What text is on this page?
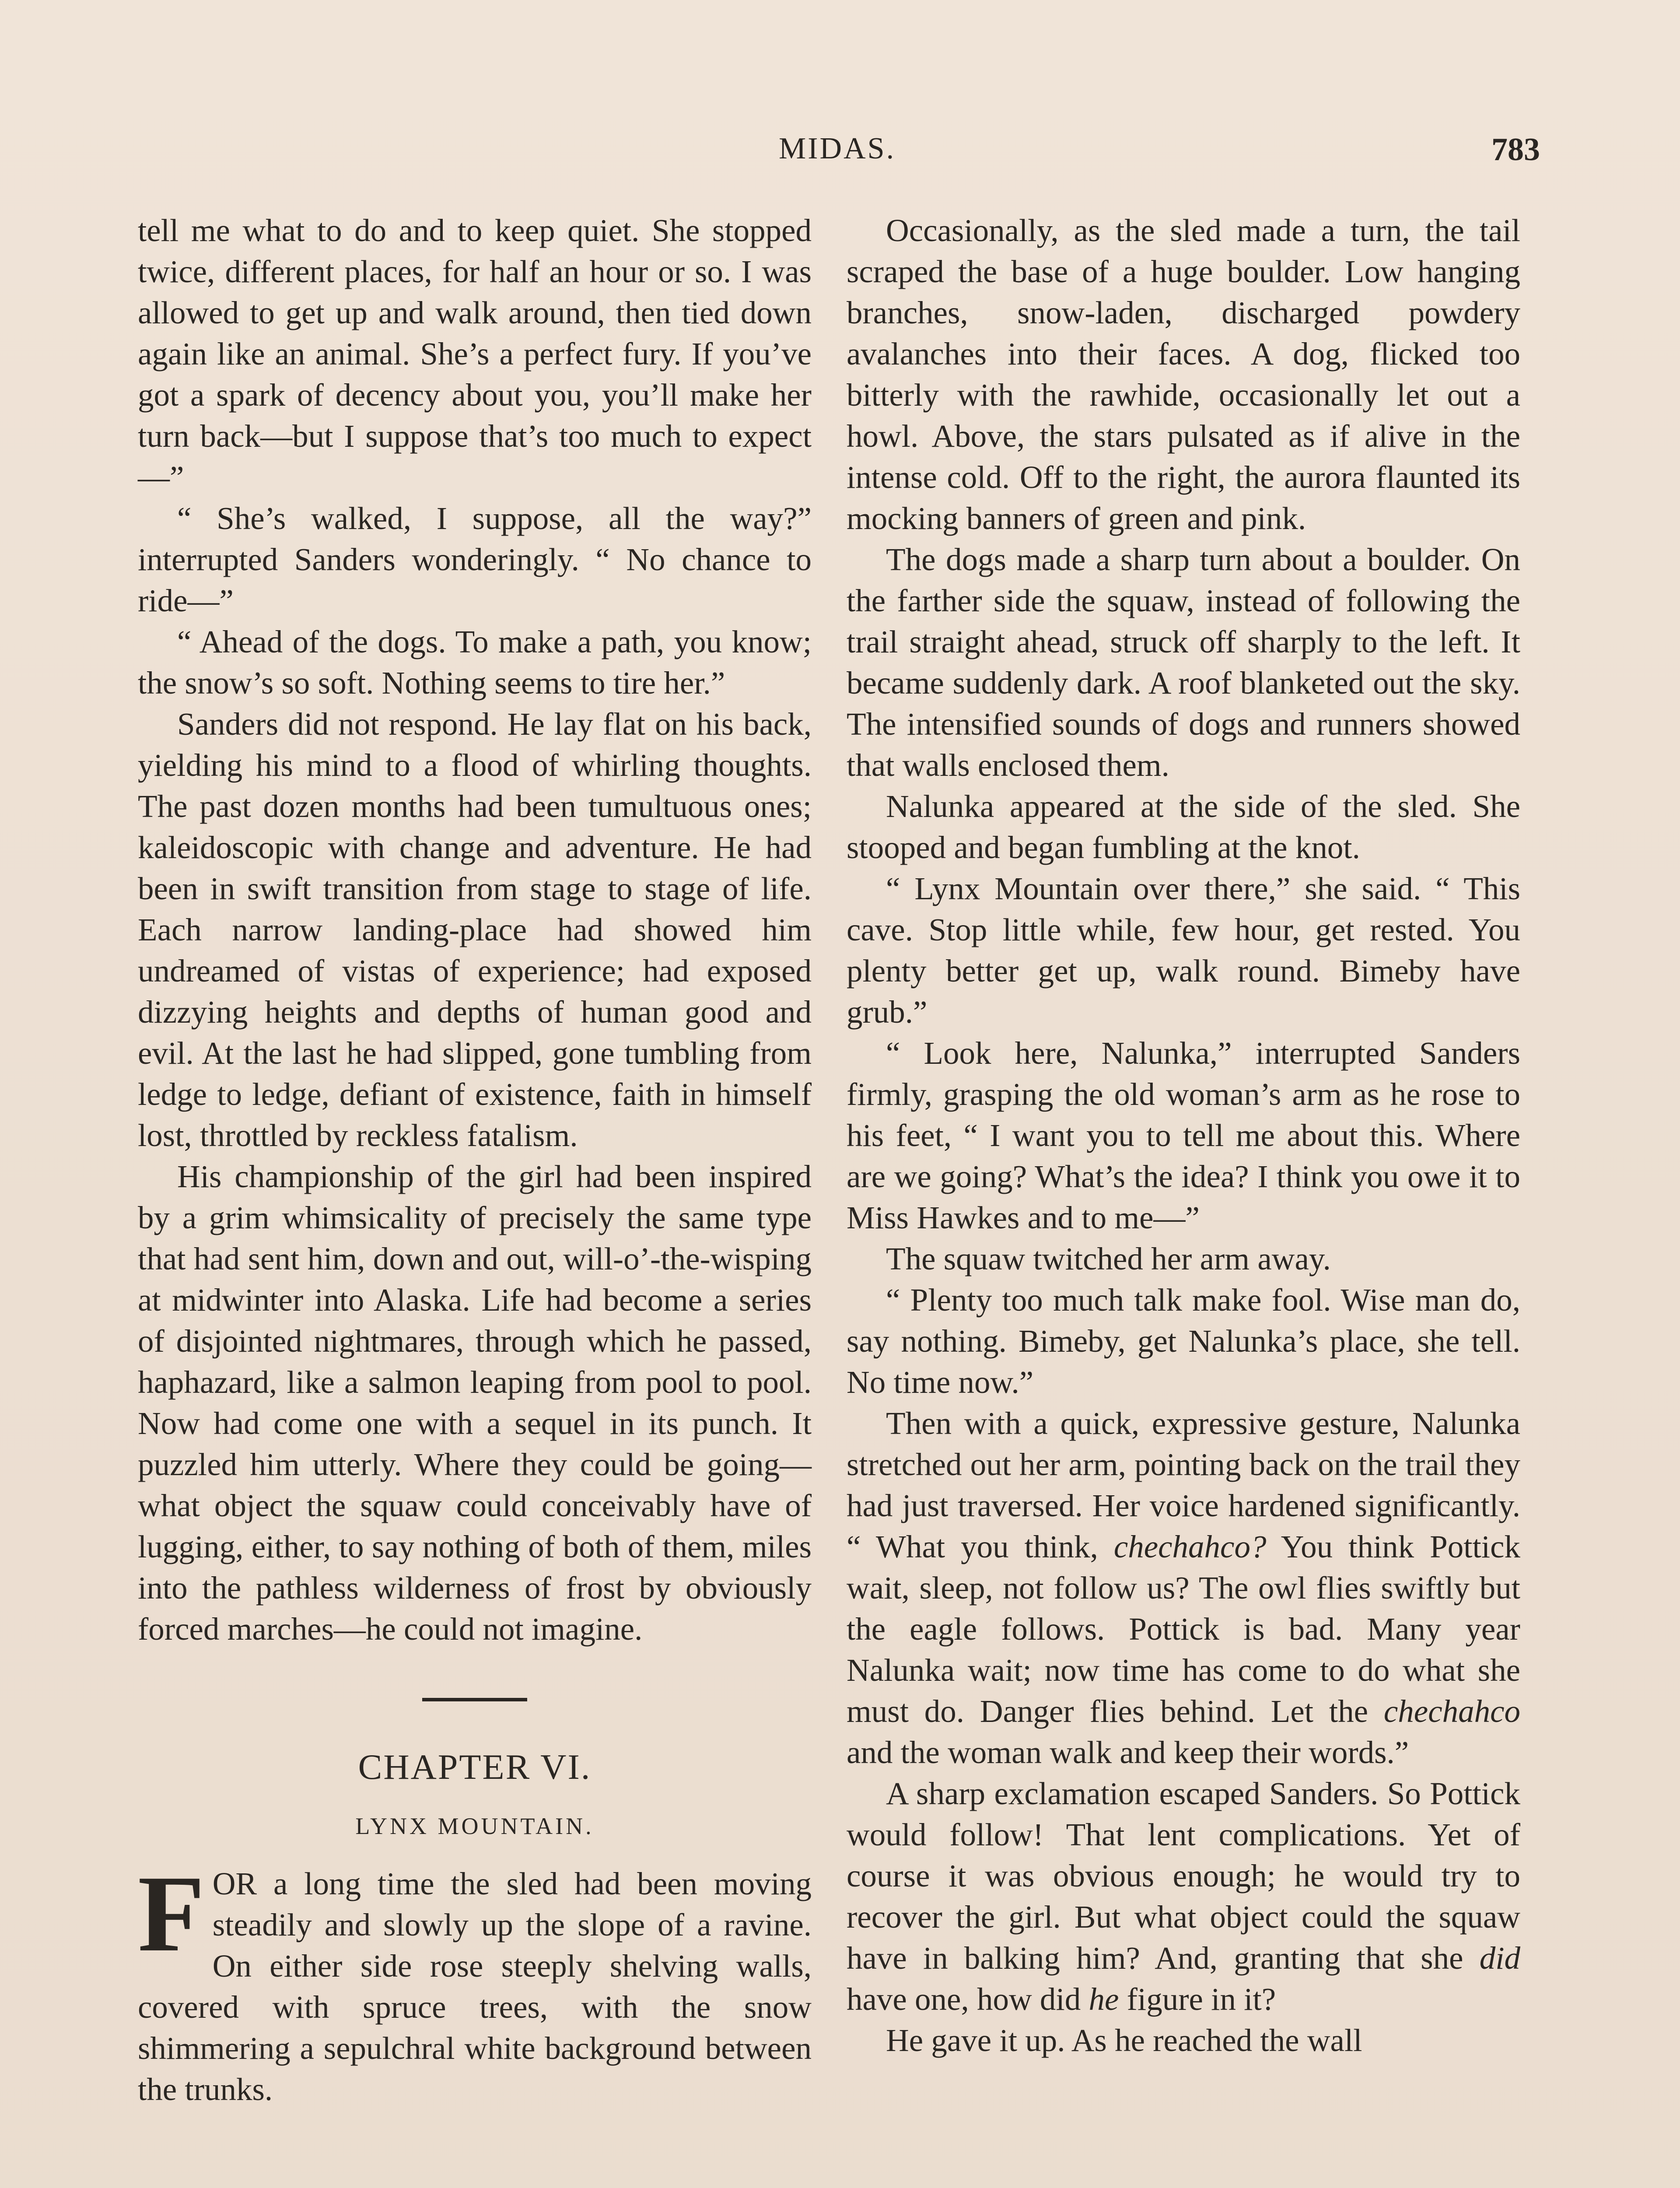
MIDAS.	783

tell me what to do and to keep quiet. She stopped twice, different places, for half an hour or so. I was allowed to get up and walk around, then tied down again like an animal. She’s a perfect fury. If you’ve got a spark of decency about you, you’ll make her turn back—but I suppose that’s too much to expect—”

“ She’s walked, I suppose, all the way?” interrupted Sanders wonderingly. “ No chance to ride—”

“ Ahead of the dogs. To make a path, you know; the snow’s so soft. Nothing seems to tire her.”

Sanders did not respond. He lay flat on his back, yielding his mind to a flood of whirling thoughts. The past dozen months had been tumultuous ones; kaleidoscopic with change and adventure. He had been in swift transition from stage to stage of life. Each narrow landing-place had showed him undreamed of vistas of experience; had exposed dizzying heights and depths of human good and evil. At the last he had slipped, gone tumbling from ledge to ledge, defiant of existence, faith in himself lost, throttled by reckless fatalism.

His championship of the girl had been inspired by a grim whimsicality of precisely the same type that had sent him, down and out, will-o’-the-wisping at midwinter into Alaska. Life had become a series of disjointed nightmares, through which he passed, haphazard, like a salmon leaping from pool to pool. Now had come one with a sequel in its punch. It puzzled him utterly. Where they could be going—what object the squaw could conceivably have of lugging, either, to say nothing of both of them, miles into the pathless wilderness of frost by obviously forced marches—he could not imagine.

CHAPTER VI.
LYNX MOUNTAIN.

FOR a long time the sled had been moving steadily and slowly up the slope of a ravine. On either side rose steeply shelving walls, covered with spruce trees, with the snow shimmering a sepulchral white background between the trunks.

Occasionally, as the sled made a turn, the tail scraped the base of a huge boulder. Low hanging branches, snow-laden, discharged powdery avalanches into their faces. A dog, flicked too bitterly with the rawhide, occasionally let out a howl. Above, the stars pulsated as if alive in the intense cold. Off to the right, the aurora flaunted its mocking banners of green and pink.

The dogs made a sharp turn about a boulder. On the farther side the squaw, instead of following the trail straight ahead, struck off sharply to the left. It became suddenly dark. A roof blanketed out the sky. The intensified sounds of dogs and runners showed that walls enclosed them.

Nalunka appeared at the side of the sled. She stooped and began fumbling at the knot.

“ Lynx Mountain over there,” she said. “ This cave. Stop little while, few hour, get rested. You plenty better get up, walk round. Bimeby have grub.”

“ Look here, Nalunka,” interrupted Sanders firmly, grasping the old woman’s arm as he rose to his feet, “ I want you to tell me about this. Where are we going? What’s the idea? I think you owe it to Miss Hawkes and to me—”

The squaw twitched her arm away.

“ Plenty too much talk make fool. Wise man do, say nothing. Bimeby, get Nalunka’s place, she tell. No time now.”

Then with a quick, expressive gesture, Nalunka stretched out her arm, pointing back on the trail they had just traversed. Her voice hardened significantly. “ What you think, chechahco? You think Pottick wait, sleep, not follow us? The owl flies swiftly but the eagle follows. Pottick is bad. Many year Nalunka wait; now time has come to do what she must do. Danger flies behind. Let the chechahco and the woman walk and keep their words.”

A sharp exclamation escaped Sanders. So Pottick would follow! That lent complications. Yet of course it was obvious enough; he would try to recover the girl. But what object could the squaw have in balking him? And, granting that she did have one, how did he figure in it?

He gave it up. As he reached the wall
